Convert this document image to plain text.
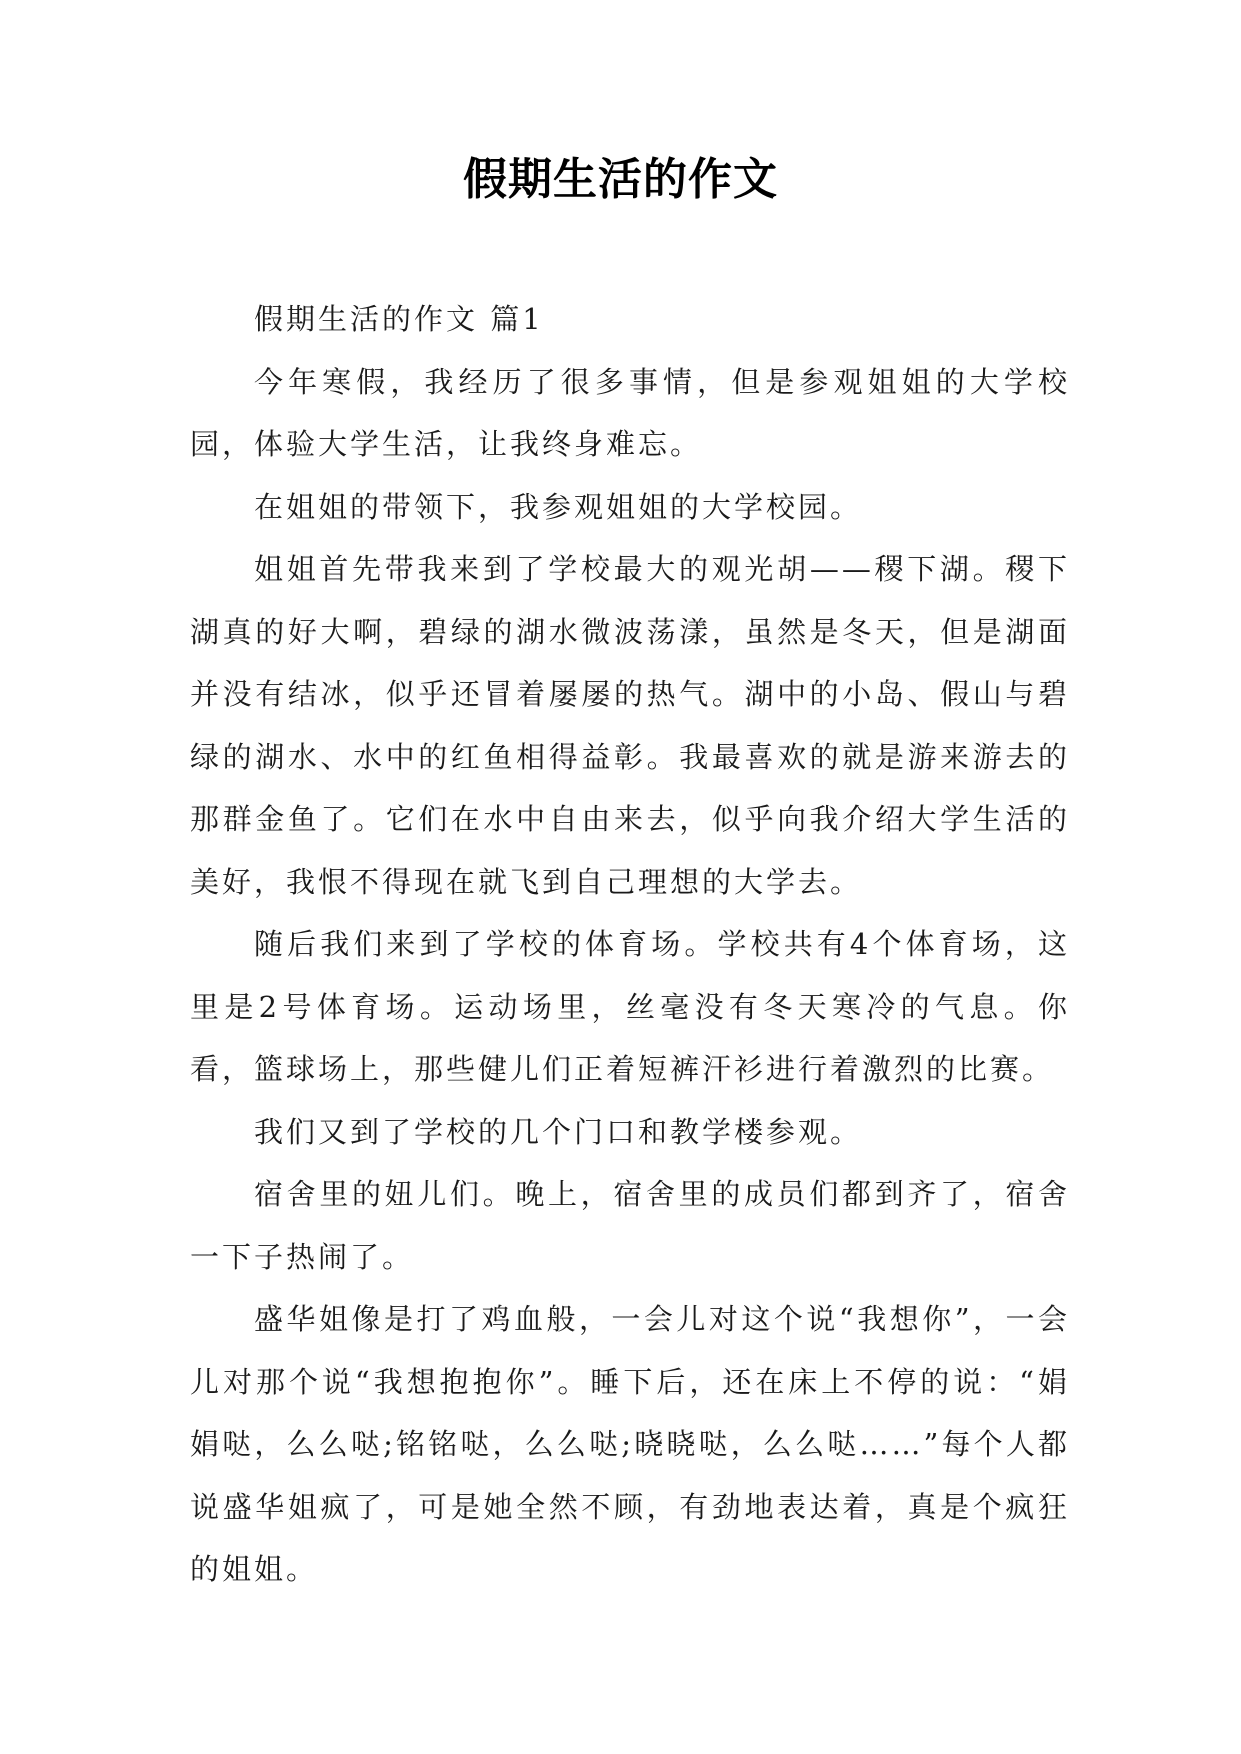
假期生活的作文

假期生活的作文 篇1

今年寒假，我经历了很多事情，但是参观姐姐的大学校园，体验大学生活，让我终身难忘。

在姐姐的带领下，我参观姐姐的大学校园。

姐姐首先带我来到了学校最大的观光胡——稷下湖。稷下湖真的好大啊，碧绿的湖水微波荡漾，虽然是冬天，但是湖面并没有结冰，似乎还冒着屡屡的热气。湖中的小岛、假山与碧绿的湖水、水中的红鱼相得益彰。我最喜欢的就是游来游去的那群金鱼了。它们在水中自由来去，似乎向我介绍大学生活的美好，我恨不得现在就飞到自己理想的大学去。

随后我们来到了学校的体育场。学校共有4个体育场，这里是2号体育场。运动场里，丝毫没有冬天寒冷的气息。你看，篮球场上，那些健儿们正着短裤汗衫进行着激烈的比赛。

我们又到了学校的几个门口和教学楼参观。

宿舍里的妞儿们。晚上，宿舍里的成员们都到齐了，宿舍一下子热闹了。

盛华姐像是打了鸡血般，一会儿对这个说“我想你”，一会儿对那个说“我想抱抱你”。睡下后，还在床上不停的说：“娟娟哒，么么哒;铭铭哒，么么哒;晓晓哒，么么哒……”每个人都说盛华姐疯了，可是她全然不顾，有劲地表达着，真是个疯狂的姐姐。
